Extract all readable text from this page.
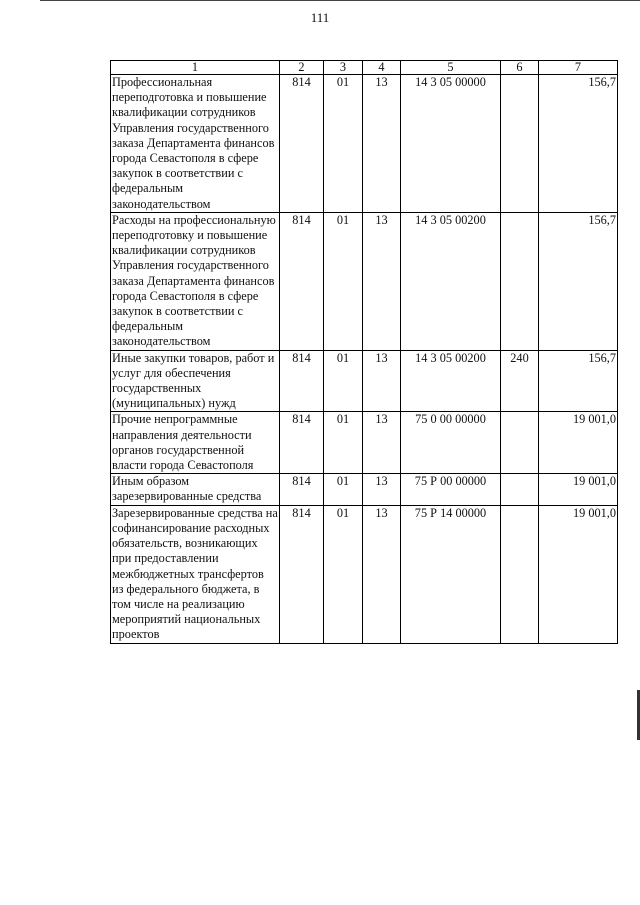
111
1	2	3	4	5	6	7
Профессиональная переподготовка и повышение квалификации сотрудников Управления государственного заказа Департамента финансов города Севастополя в сфере закупок в соответствии с федеральным законодательством	814	01	13	14 3 05 00000		156,7
Расходы на профессиональную переподготовку и повышение квалификации сотрудников Управления государственного заказа Департамента финансов города Севастополя в сфере закупок в соответствии с федеральным законодательством	814	01	13	14 3 05 00200		156,7
Иные закупки товаров, работ и услуг для обеспечения государственных (муниципальных) нужд	814	01	13	14 3 05 00200	240	156,7
Прочие непрограммные направления деятельности органов государственной власти города Севастополя	814	01	13	75 0 00 00000		19 001,0
Иным образом зарезервированные средства	814	01	13	75 Р 00 00000		19 001,0
Зарезервированные средства на софинансирование расходных обязательств, возникающих при предоставлении межбюджетных трансфертов из федерального бюджета, в том числе на реализацию мероприятий национальных проектов	814	01	13	75 Р 14 00000		19 001,0
